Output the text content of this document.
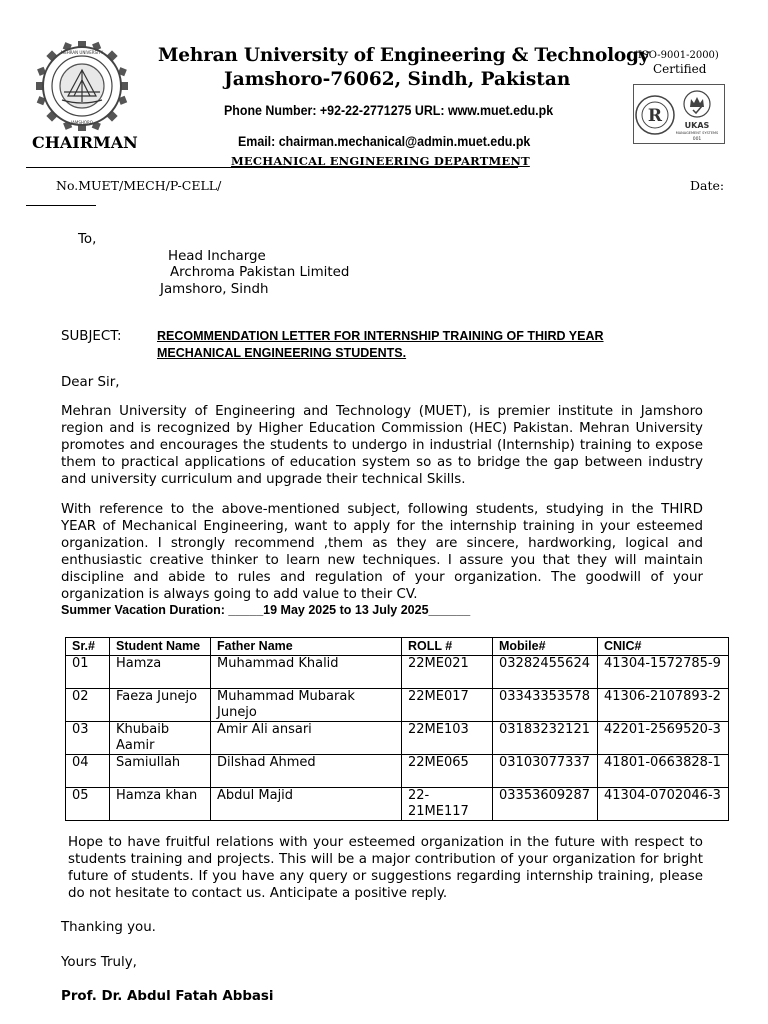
MEHRAN UNIVERSITY
JAMSHORO
Mehran University of Engineering & Technology
Jamshoro-76062, Sindh, Pakistan
Phone Number: +92-22-2771275 URL: www.muet.edu.pk
Email: chairman.mechanical@admin.muet.edu.pk
MECHANICAL ENGINEERING DEPARTMENT
CHAIRMAN
(ISO-9001-2000)
Certified
R	UKAS
MANAGEMENT SYSTEMS
001
No.MUET/MECH/P-CELL/	Date:
To,
Head Incharge
Archroma Pakistan Limited
Jamshoro, Sindh
SUBJECT:	RECOMMENDATION LETTER FOR INTERNSHIP TRAINING OF THIRD YEAR MECHANICAL ENGINEERING STUDENTS.
Dear Sir,
Mehran University of Engineering and Technology (MUET), is premier institute in Jamshoro region and is recognized by Higher Education Commission (HEC) Pakistan. Mehran University promotes and encourages the students to undergo in industrial (Internship) training to expose them to practical applications of education system so as to bridge the gap between industry and university curriculum and upgrade their technical Skills.
With reference to the above-mentioned subject, following students, studying in the THIRD YEAR of Mechanical Engineering, want to apply for the internship training in your esteemed organization. I strongly recommend ,them as they are sincere, hardworking, logical and enthusiastic creative thinker to learn new techniques. I assure you that they will maintain discipline and abide to rules and regulation of your organization. The goodwill of your organization is always going to add value to their CV.
Summer Vacation Duration: _____19 May 2025 to 13 July 2025______
Sr.#	Student Name	Father Name	ROLL #	Mobile#	CNIC#
01	Hamza	Muhammad Khalid	22ME021	03282455624	41304-1572785-9
02	Faeza Junejo	Muhammad Mubarak Junejo	22ME017	03343353578	41306-2107893-2
03	Khubaib Aamir	Amir Ali ansari	22ME103	03183232121	42201-2569520-3
04	Samiullah	Dilshad Ahmed	22ME065	03103077337	41801-0663828-1
05	Hamza khan	Abdul Majid	22-21ME117	03353609287	41304-0702046-3
Hope to have fruitful relations with your esteemed organization in the future with respect to students training and projects. This will be a major contribution of your organization for bright future of students. If you have any query or suggestions regarding internship training, please do not hesitate to contact us. Anticipate a positive reply.
Thanking you.
Yours Truly,
Prof. Dr. Abdul Fatah Abbasi
